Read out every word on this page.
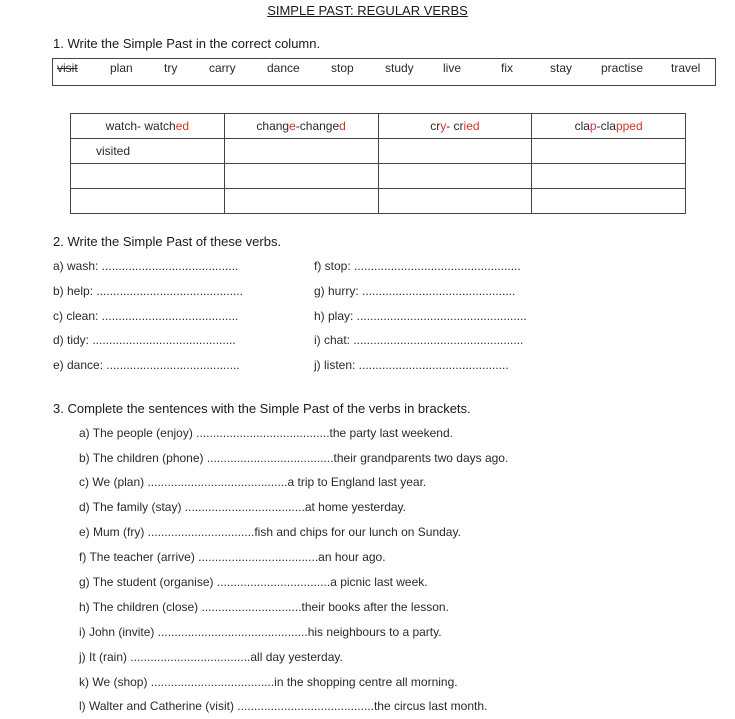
SIMPLE PAST: REGULAR VERBS
1. Write the Simple Past in the correct column.
visit	plan	try	carry	dance	stop	study live	fix	stay practise travel
watch- watched	change-changed	cry- cried	clap-clapped
visited			

2. Write the Simple Past of these verbs.
a) wash: .........................................
b) help: ............................................
c) clean: .........................................
d) tidy: ...........................................
e) dance: ........................................
f) stop: ..................................................
g) hurry: ..............................................
h) play: ...................................................
i) chat: ...................................................
j) listen: .............................................
3. Complete the sentences with the Simple Past of the verbs in brackets.
a) The people (enjoy) ........................................the party last weekend.
b) The children (phone) ......................................their grandparents two days ago.
c) We (plan) ..........................................a trip to England last year.
d) The family (stay) ....................................at home yesterday.
e) Mum (fry) ................................fish and chips for our lunch on Sunday.
f) The teacher (arrive) ....................................an hour ago.
g) The student (organise) ..................................a picnic last week.
h) The children (close) ..............................their books after the lesson.
i) John (invite) .............................................his neighbours to a party.
j) It (rain) ....................................all day yesterday.
k) We (shop) .....................................in the shopping centre all morning.
l) Walter and Catherine (visit) .........................................the circus last month.
